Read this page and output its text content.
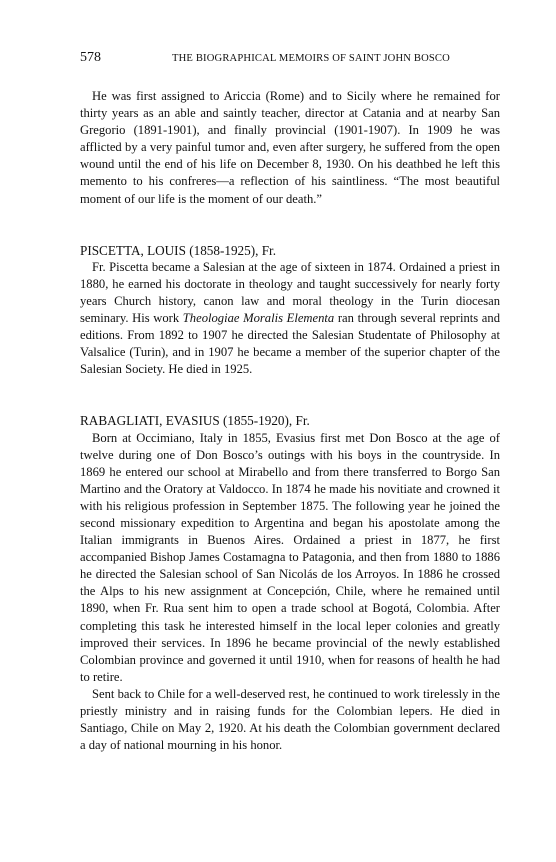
578	THE BIOGRAPHICAL MEMOIRS OF SAINT JOHN BOSCO

He was first assigned to Ariccia (Rome) and to Sicily where he remained for thirty years as an able and saintly teacher, director at Catania and at nearby San Gregorio (1891-1901), and finally provincial (1901-1907). In 1909 he was afflicted by a very painful tumor and, even after surgery, he suffered from the open wound until the end of his life on December 8, 1930. On his deathbed he left this memento to his confreres—a reflection of his saintliness. “The most beautiful moment of our life is the moment of our death.”

PISCETTA, LOUIS (1858-1925), Fr.

Fr. Piscetta became a Salesian at the age of sixteen in 1874. Ordained a priest in 1880, he earned his doctorate in theology and taught successively for nearly forty years Church history, canon law and moral theology in the Turin diocesan seminary. His work Theologiae Moralis Elementa ran through several reprints and editions. From 1892 to 1907 he directed the Salesian Studentate of Philosophy at Valsalice (Turin), and in 1907 he became a member of the superior chapter of the Salesian Society. He died in 1925.

RABAGLIATI, EVASIUS (1855-1920), Fr.

Born at Occimiano, Italy in 1855, Evasius first met Don Bosco at the age of twelve during one of Don Bosco’s outings with his boys in the countryside. In 1869 he entered our school at Mirabello and from there transferred to Borgo San Martino and the Oratory at Valdocco. In 1874 he made his novitiate and crowned it with his religious profession in September 1875. The following year he joined the second missionary expedition to Argentina and began his apostolate among the Italian immigrants in Buenos Aires. Ordained a priest in 1877, he first accompanied Bishop James Costamagna to Patagonia, and then from 1880 to 1886 he directed the Salesian school of San Nicolás de los Arroyos. In 1886 he crossed the Alps to his new assignment at Concepción, Chile, where he remained until 1890, when Fr. Rua sent him to open a trade school at Bogotá, Colombia. After completing this task he interested himself in the local leper colonies and greatly improved their services. In 1896 he became provincial of the newly established Colombian province and governed it until 1910, when for reasons of health he had to retire.

Sent back to Chile for a well-deserved rest, he continued to work tirelessly in the priestly ministry and in raising funds for the Colombian lepers. He died in Santiago, Chile on May 2, 1920. At his death the Colombian government declared a day of national mourning in his honor.
